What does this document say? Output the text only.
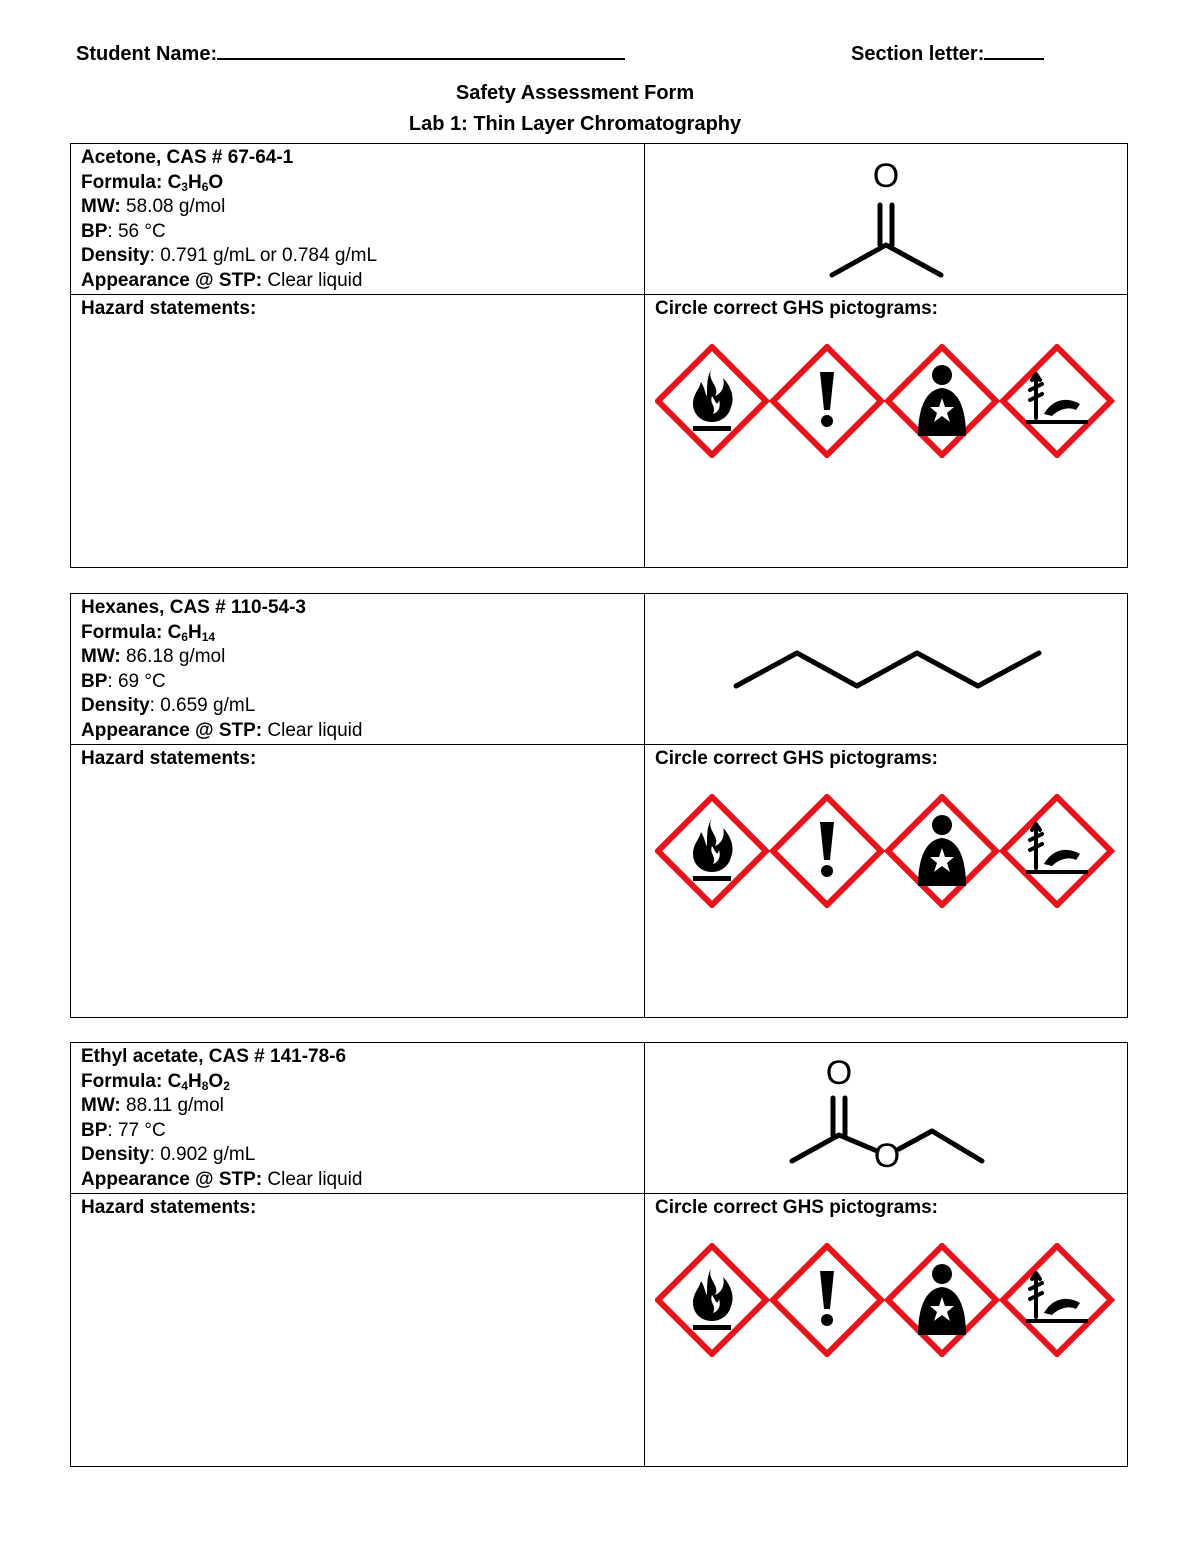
Student Name:	Section letter:
Safety Assessment Form
Lab 1: Thin Layer Chromatography
Acetone, CAS # 67-64-1
Formula: $C_3H_6O$
MW: 58.08 g/mol
BP: 56 °C
Density: 0.791 g/mL or 0.784 g/mL
Appearance @ STP: Clear liquid
O
Hazard statements:	Circle correct GHS pictograms:
Hexanes, CAS # 110-54-3
Formula: $C_6H_{14}$
MW: 86.18 g/mol
BP: 69 °C
Density: 0.659 g/mL
Appearance @ STP: Clear liquid
Hazard statements:	Circle correct GHS pictograms:
Ethyl acetate, CAS # 141-78-6
Formula: $C_4H_8O_2$
MW: 88.11 g/mol
BP: 77 °C
Density: 0.902 g/mL
Appearance @ STP: Clear liquid
O
O
Hazard statements:	Circle correct GHS pictograms:
